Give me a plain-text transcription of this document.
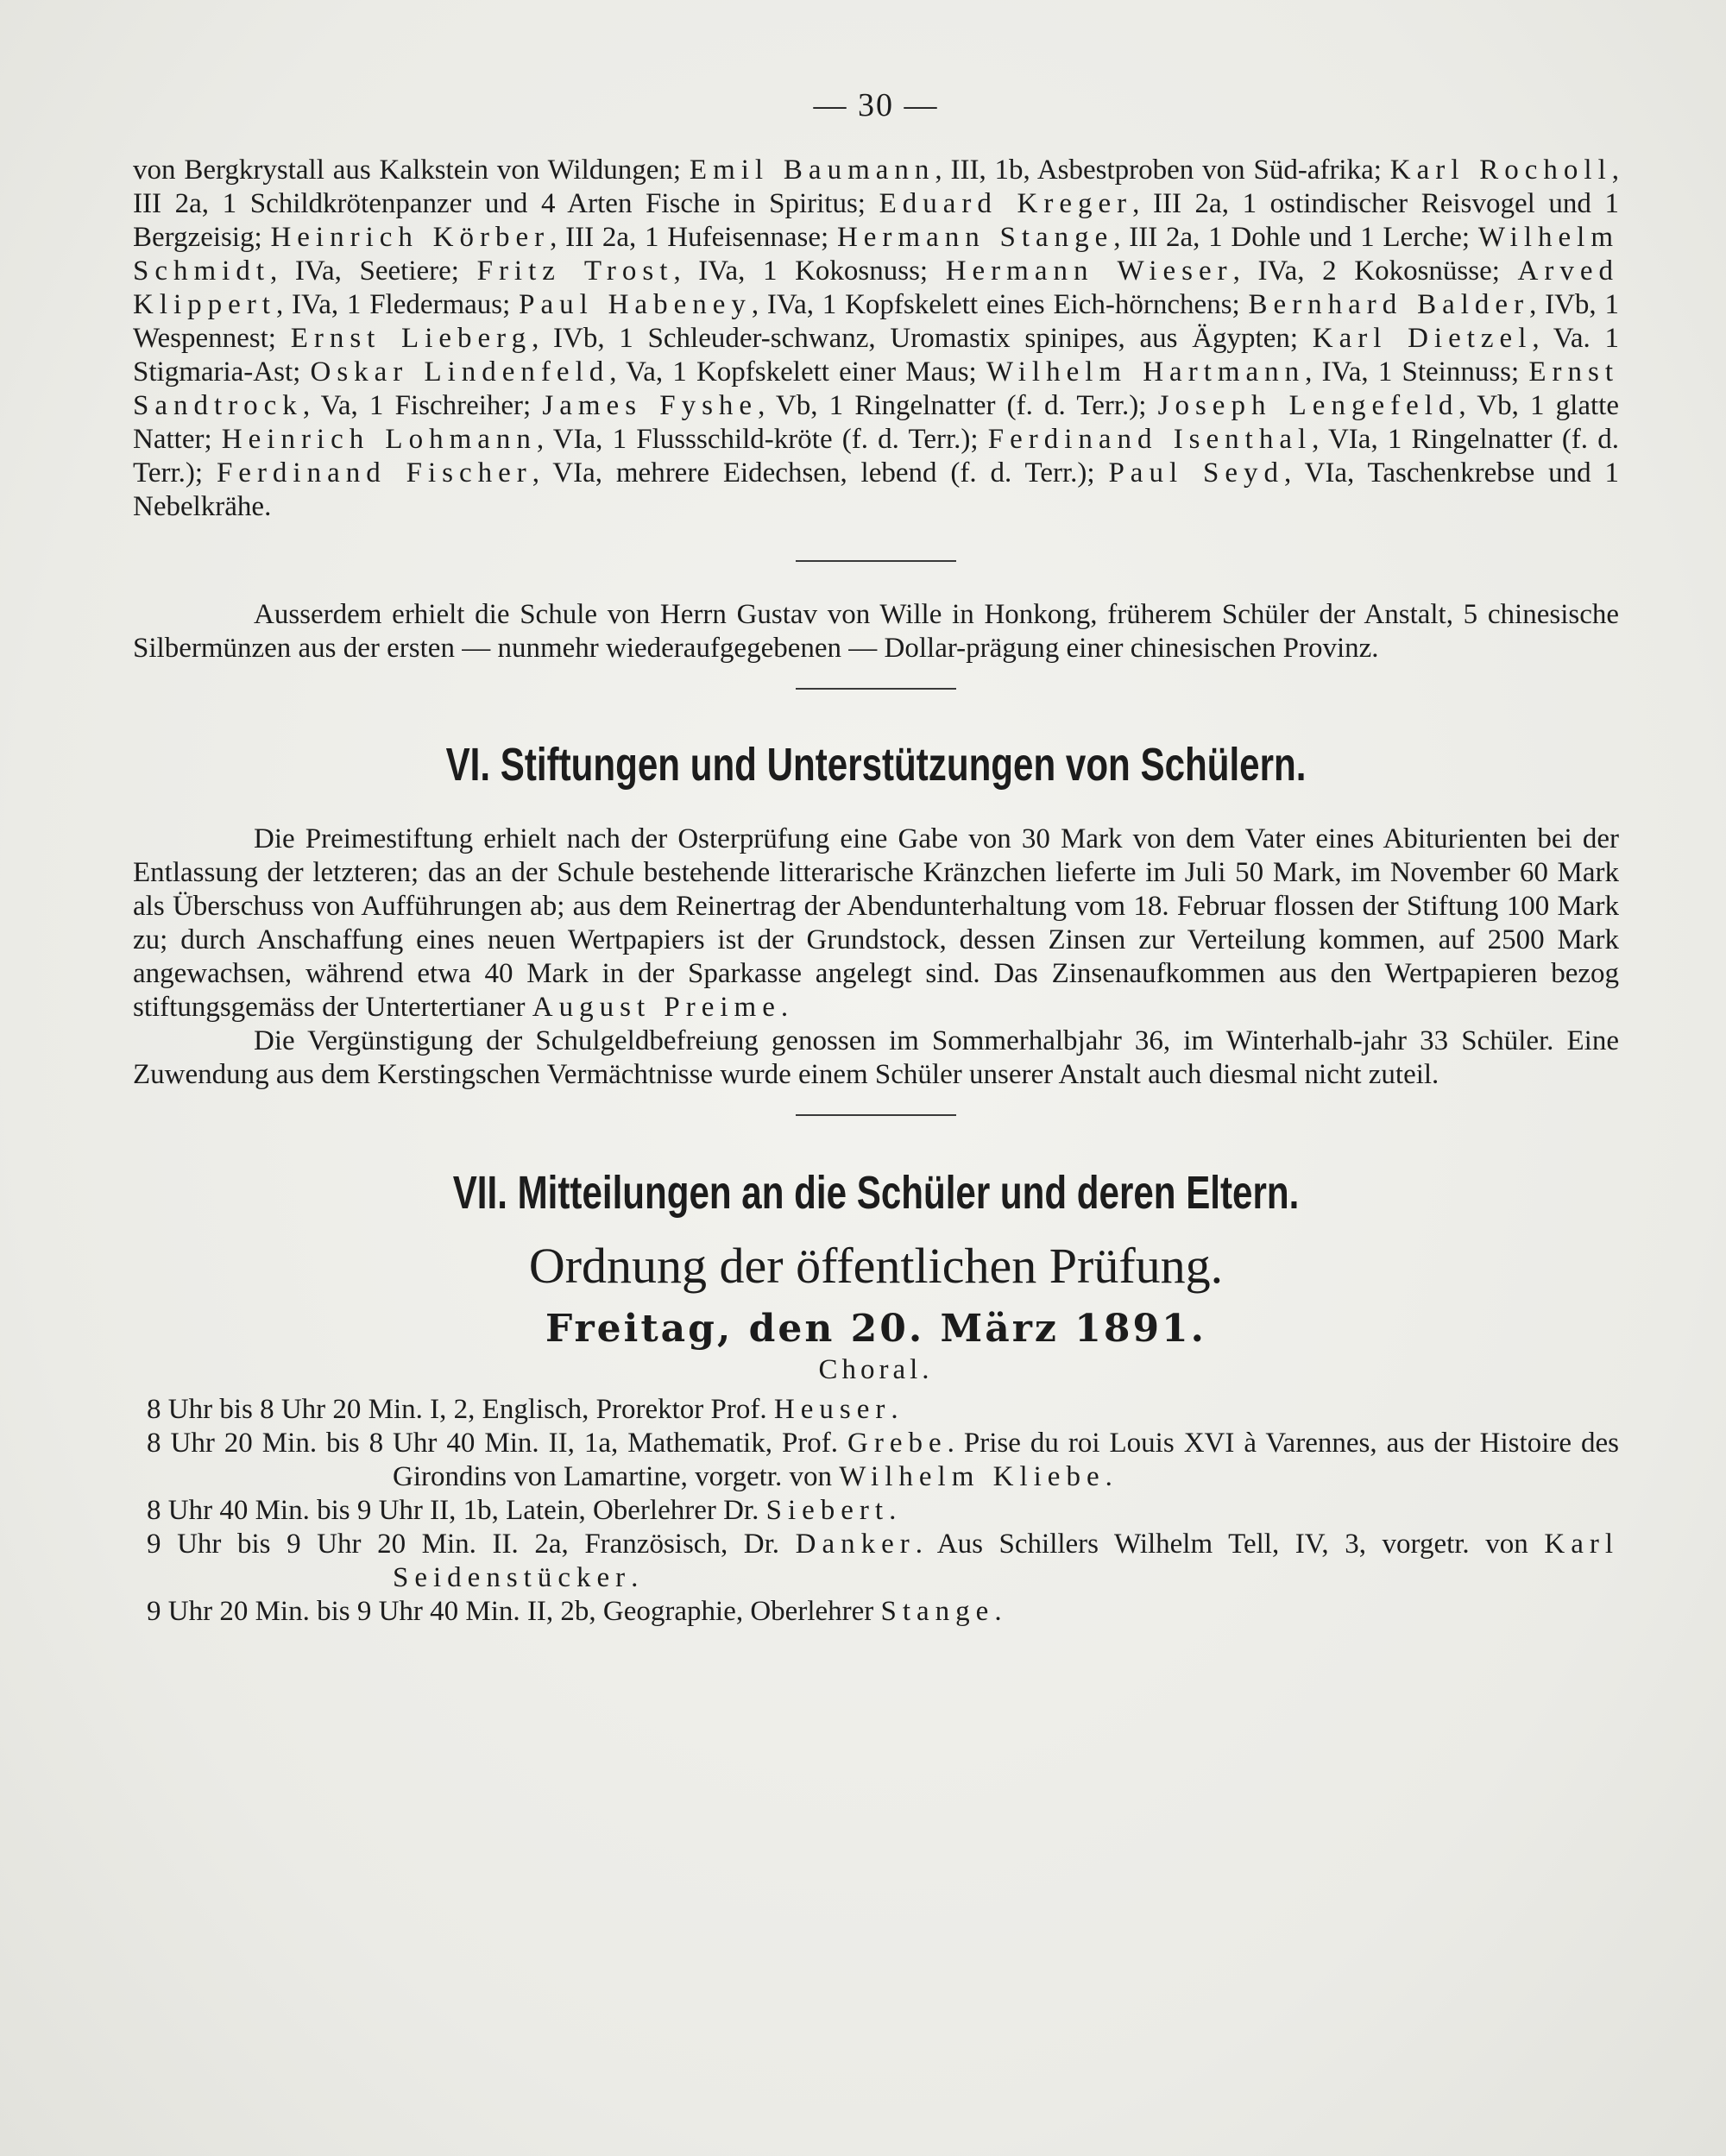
— 30 —

von Bergkrystall aus Kalkstein von Wildungen; Emil Baumann, III, 1b, Asbestproben von Süd-afrika; Karl Rocholl, III 2a, 1 Schildkrötenpanzer und 4 Arten Fische in Spiritus; Eduard Kreger, III 2a, 1 ostindischer Reisvogel und 1 Bergzeisig; Heinrich Körber, III 2a, 1 Hufeisennase; Hermann Stange, III 2a, 1 Dohle und 1 Lerche; Wilhelm Schmidt, IVa, Seetiere; Fritz Trost, IVa, 1 Kokosnuss; Hermann Wieser, IVa, 2 Kokosnüsse; Arved Klippert, IVa, 1 Fledermaus; Paul Habeney, IVa, 1 Kopfskelett eines Eich-hörnchens; Bernhard Balder, IVb, 1 Wespennest; Ernst Lieberg, IVb, 1 Schleuder-schwanz, Uromastix spinipes, aus Ägypten; Karl Dietzel, Va. 1 Stigmaria-Ast; Oskar Lindenfeld, Va, 1 Kopfskelett einer Maus; Wilhelm Hartmann, IVa, 1 Steinnuss; Ernst Sandtrock, Va, 1 Fischreiher; James Fyshe, Vb, 1 Ringelnatter (f. d. Terr.); Joseph Lengefeld, Vb, 1 glatte Natter; Heinrich Lohmann, VIa, 1 Flussschild-kröte (f. d. Terr.); Ferdinand Isenthal, VIa, 1 Ringelnatter (f. d. Terr.); Ferdinand Fischer, VIa, mehrere Eidechsen, lebend (f. d. Terr.); Paul Seyd, VIa, Taschenkrebse und 1 Nebelkrähe.

Ausserdem erhielt die Schule von Herrn Gustav von Wille in Honkong, früherem Schüler der Anstalt, 5 chinesische Silbermünzen aus der ersten — nunmehr wiederaufgegebenen — Dollar-prägung einer chinesischen Provinz.

VI. Stiftungen und Unterstützungen von Schülern.

Die Preimestiftung erhielt nach der Osterprüfung eine Gabe von 30 Mark von dem Vater eines Abiturienten bei der Entlassung der letzteren; das an der Schule bestehende litterarische Kränzchen lieferte im Juli 50 Mark, im November 60 Mark als Überschuss von Aufführungen ab; aus dem Reinertrag der Abendunterhaltung vom 18. Februar flossen der Stiftung 100 Mark zu; durch Anschaffung eines neuen Wertpapiers ist der Grundstock, dessen Zinsen zur Verteilung kommen, auf 2500 Mark angewachsen, während etwa 40 Mark in der Sparkasse angelegt sind. Das Zinsenaufkommen aus den Wertpapieren bezog stiftungsgemäss der Untertertianer August Preime.

Die Vergünstigung der Schulgeldbefreiung genossen im Sommerhalbjahr 36, im Winterhalb-jahr 33 Schüler. Eine Zuwendung aus dem Kerstingschen Vermächtnisse wurde einem Schüler unserer Anstalt auch diesmal nicht zuteil.

VII. Mitteilungen an die Schüler und deren Eltern.
Ordnung der öffentlichen Prüfung.
Freitag, den 20. März 1891.
Choral.
8 Uhr bis 8 Uhr 20 Min. I, 2, Englisch, Prorektor Prof. Heuser.
8 Uhr 20 Min. bis 8 Uhr 40 Min. II, 1a, Mathematik, Prof. Grebe. Prise du roi Louis XVI à Varennes, aus der Histoire des Girondins von Lamartine, vorgetr. von Wilhelm Kliebe.
8 Uhr 40 Min. bis 9 Uhr II, 1b, Latein, Oberlehrer Dr. Siebert.
9 Uhr bis 9 Uhr 20 Min. II. 2a, Französisch, Dr. Danker. Aus Schillers Wilhelm Tell, IV, 3, vorgetr. von Karl Seidenstücker.
9 Uhr 20 Min. bis 9 Uhr 40 Min. II, 2b, Geographie, Oberlehrer Stange.
